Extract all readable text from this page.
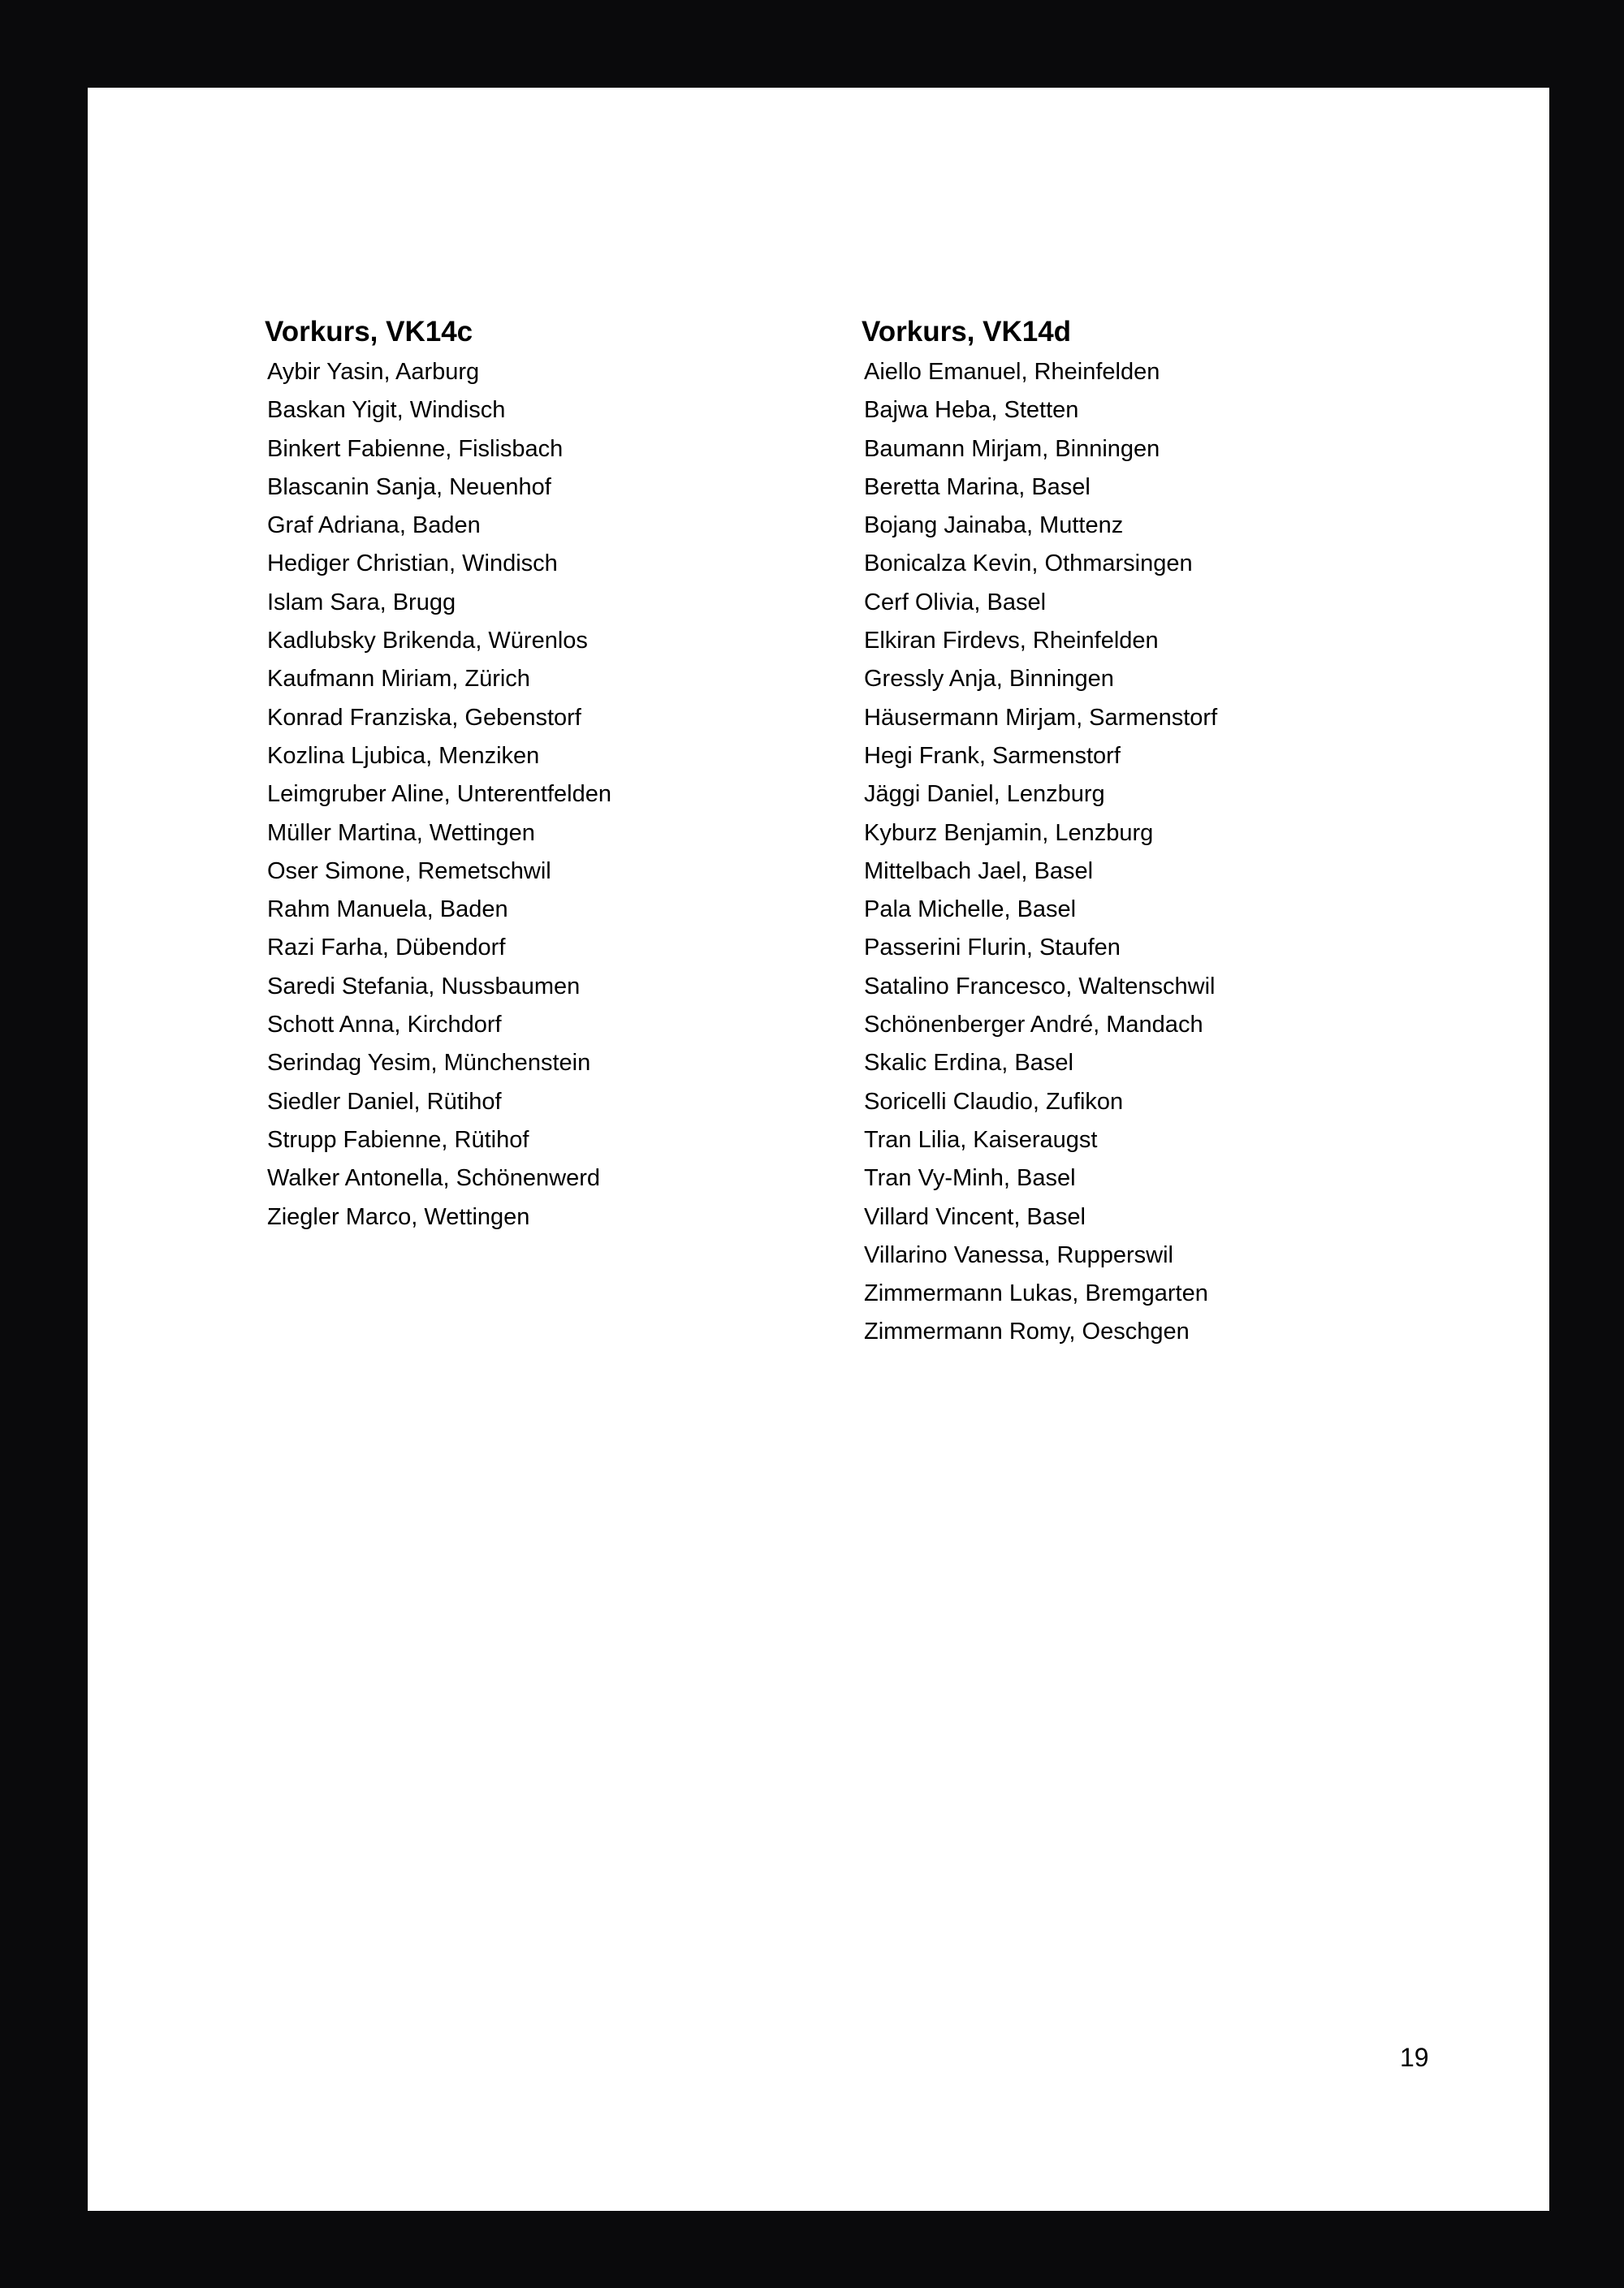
Vorkurs, VK14c
Aybir Yasin, Aarburg
Baskan Yigit, Windisch
Binkert Fabienne, Fislisbach
Blascanin Sanja, Neuenhof
Graf Adriana, Baden
Hediger Christian, Windisch
Islam Sara, Brugg
Kadlubsky Brikenda, Würenlos
Kaufmann Miriam, Zürich
Konrad Franziska, Gebenstorf
Kozlina Ljubica, Menziken
Leimgruber Aline, Unterentfelden
Müller Martina, Wettingen
Oser Simone, Remetschwil
Rahm Manuela, Baden
Razi Farha, Dübendorf
Saredi Stefania, Nussbaumen
Schott Anna, Kirchdorf
Serindag Yesim, Münchenstein
Siedler Daniel, Rütihof
Strupp Fabienne, Rütihof
Walker Antonella, Schönenwerd
Ziegler Marco, Wettingen
Vorkurs, VK14d
Aiello Emanuel, Rheinfelden
Bajwa Heba, Stetten
Baumann Mirjam, Binningen
Beretta Marina, Basel
Bojang Jainaba, Muttenz
Bonicalza Kevin, Othmarsingen
Cerf Olivia, Basel
Elkiran Firdevs, Rheinfelden
Gressly Anja, Binningen
Häusermann Mirjam, Sarmenstorf
Hegi Frank, Sarmenstorf
Jäggi Daniel, Lenzburg
Kyburz Benjamin, Lenzburg
Mittelbach Jael, Basel
Pala Michelle, Basel
Passerini Flurin, Staufen
Satalino Francesco, Waltenschwil
Schönenberger André, Mandach
Skalic Erdina, Basel
Soricelli Claudio, Zufikon
Tran Lilia, Kaiseraugst
Tran Vy-Minh, Basel
Villard Vincent, Basel
Villarino Vanessa, Rupperswil
Zimmermann Lukas, Bremgarten
Zimmermann Romy, Oeschgen
19
